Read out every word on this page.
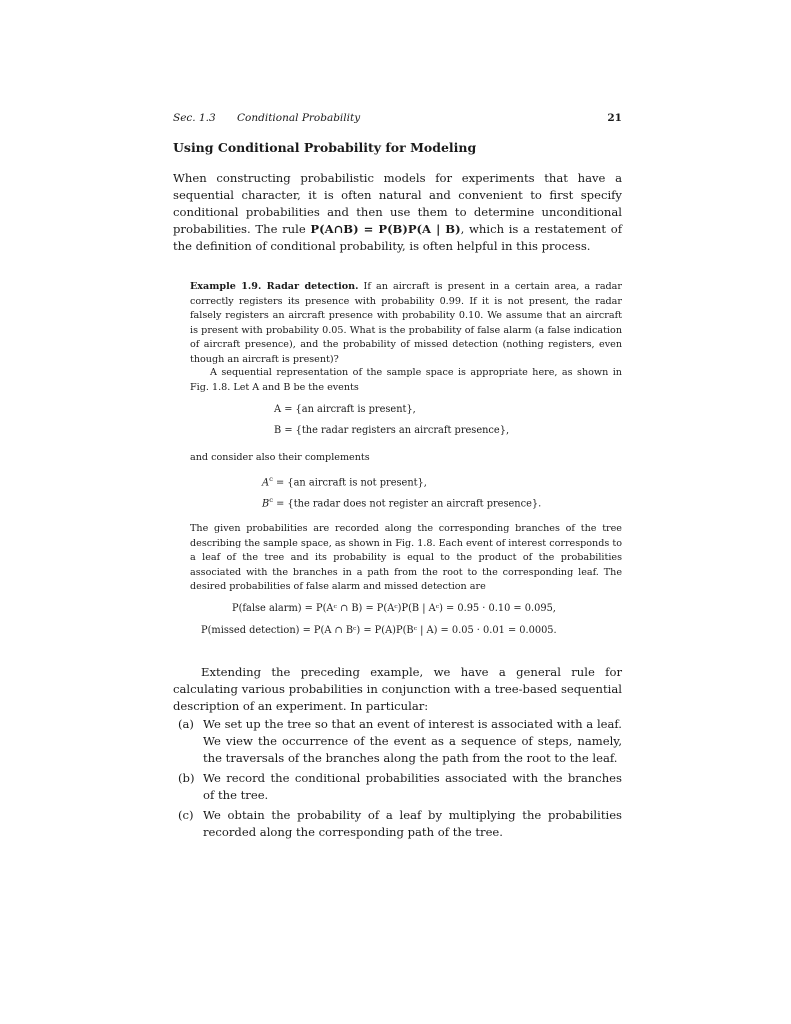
Sec. 1.3 Conditional Probability	21
Using Conditional Probability for Modeling

When constructing probabilistic models for experiments that have a sequential character, it is often natural and convenient to first specify conditional probabilities and then use them to determine unconditional probabilities. The rule P(A∩B) = P(B)P(A | B), which is a restatement of the definition of conditional probability, is often helpful in this process.

Example 1.9. Radar detection. If an aircraft is present in a certain area, a radar correctly registers its presence with probability 0.99. If it is not present, the radar falsely registers an aircraft presence with probability 0.10. We assume that an aircraft is present with probability 0.05. What is the probability of false alarm (a false indication of aircraft presence), and the probability of missed detection (nothing registers, even though an aircraft is present)?

A sequential representation of the sample space is appropriate here, as shown in Fig. 1.8. Let A and B be the events

A = {an aircraft is present},
B = {the radar registers an aircraft presence},

and consider also their complements

$A^c = \{an$ aircraft is not present},
$B^c = \{the$ radar does not register an aircraft presence}.

The given probabilities are recorded along the corresponding branches of the tree describing the sample space, as shown in Fig. 1.8. Each event of interest corresponds to a leaf of the tree and its probability is equal to the product of the probabilities associated with the branches in a path from the root to the corresponding leaf. The desired probabilities of false alarm and missed detection are

P(false alarm) = P(Aᶜ ∩ B) = P(Aᶜ)P(B | Aᶜ) = 0.95 · 0.10 = 0.095,
P(missed detection) = P(A ∩ Bᶜ) = P(A)P(Bᶜ | A) = 0.05 · 0.01 = 0.0005.

Extending the preceding example, we have a general rule for calculating various probabilities in conjunction with a tree-based sequential description of an experiment. In particular:

(a) We set up the tree so that an event of interest is associated with a leaf. We view the occurrence of the event as a sequence of steps, namely, the traversals of the branches along the path from the root to the leaf.
(b) We record the conditional probabilities associated with the branches of the tree.
(c) We obtain the probability of a leaf by multiplying the probabilities recorded along the corresponding path of the tree.
